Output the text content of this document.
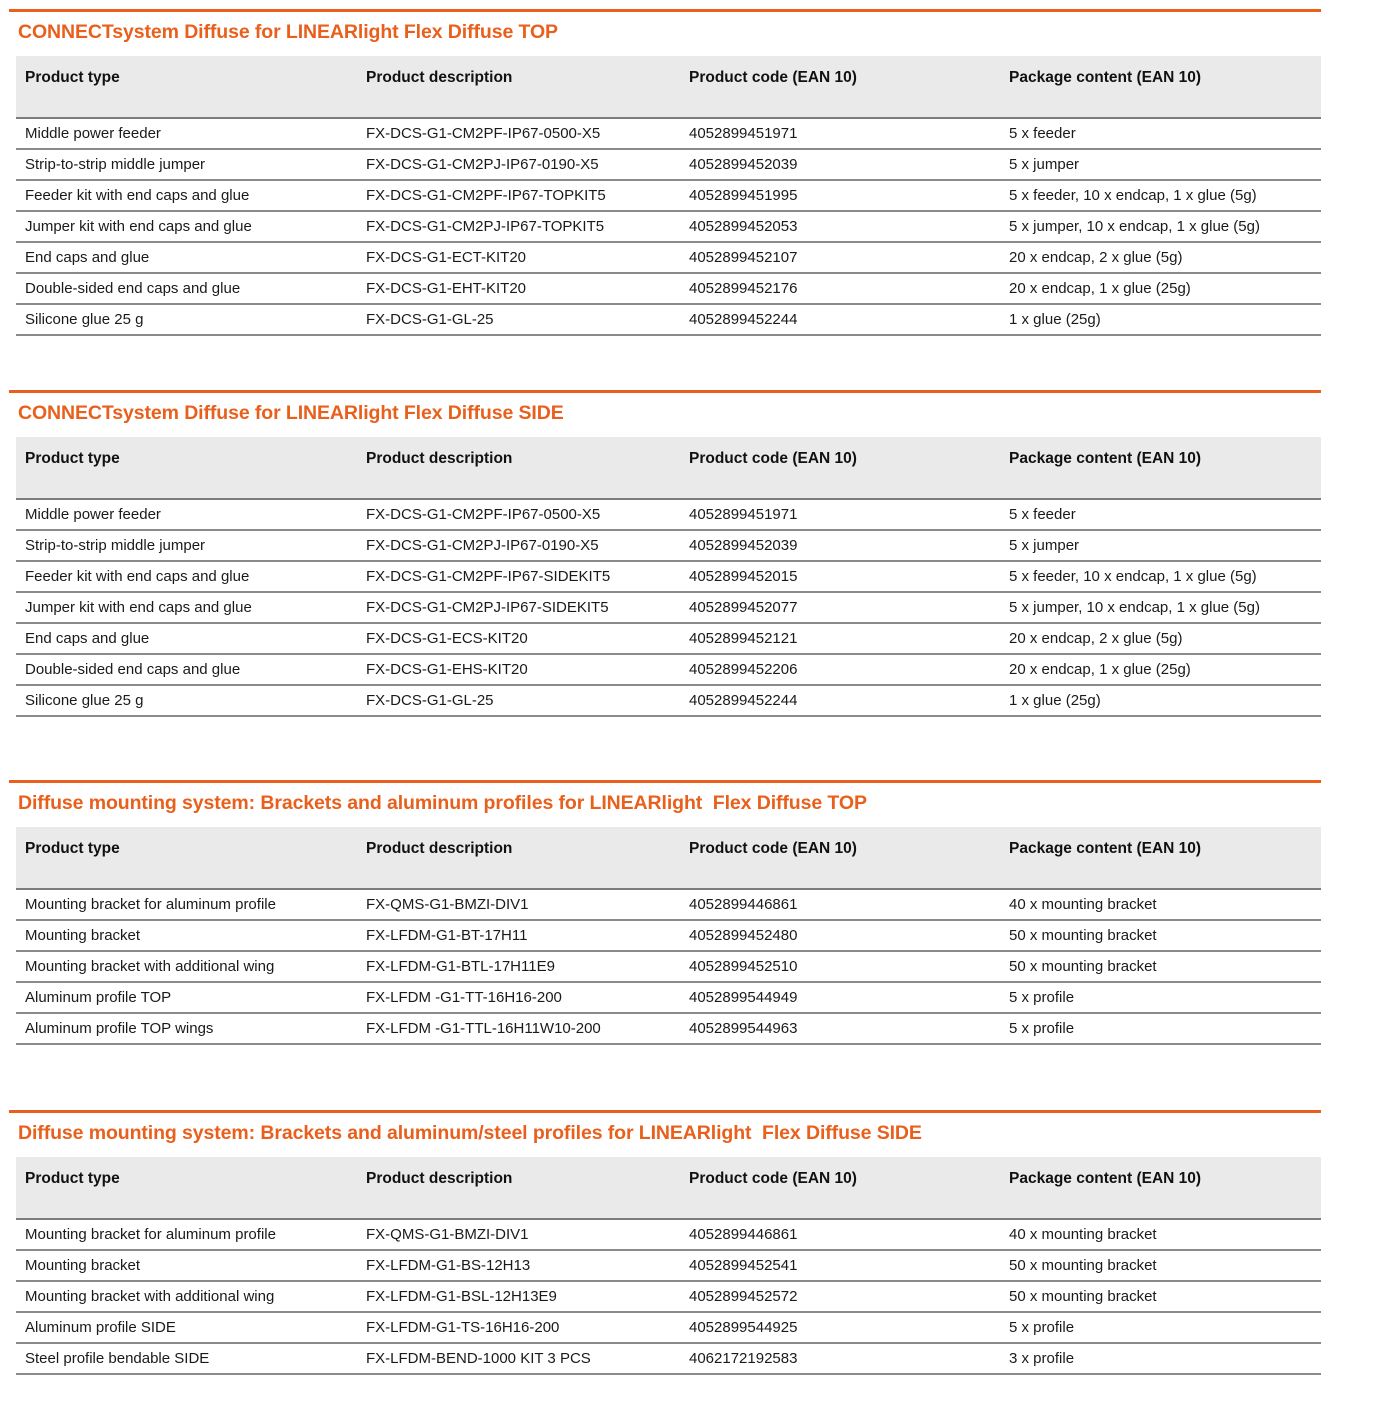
CONNECTsystem Diffuse for LINEARlight Flex Diffuse TOP
Product type	Product description	Product code (EAN 10)	Package content (EAN 10)
Middle power feeder	FX-DCS-G1-CM2PF-IP67-0500-X5	4052899451971	5 x feeder
Strip-to-strip middle jumper	FX-DCS-G1-CM2PJ-IP67-0190-X5	4052899452039	5 x jumper
Feeder kit with end caps and glue	FX-DCS-G1-CM2PF-IP67-TOPKIT5	4052899451995	5 x feeder, 10 x endcap, 1 x glue (5g)
Jumper kit with end caps and glue	FX-DCS-G1-CM2PJ-IP67-TOPKIT5	4052899452053	5 x jumper, 10 x endcap, 1 x glue (5g)
End caps and glue	FX-DCS-G1-ECT-KIT20	4052899452107	20 x endcap, 2 x glue (5g)
Double-sided end caps and glue	FX-DCS-G1-EHT-KIT20	4052899452176	20 x endcap, 1 x glue (25g)
Silicone glue 25 g	FX-DCS-G1-GL-25	4052899452244	1 x glue (25g)
CONNECTsystem Diffuse for LINEARlight Flex Diffuse SIDE
Product type	Product description	Product code (EAN 10)	Package content (EAN 10)
Middle power feeder	FX-DCS-G1-CM2PF-IP67-0500-X5	4052899451971	5 x feeder
Strip-to-strip middle jumper	FX-DCS-G1-CM2PJ-IP67-0190-X5	4052899452039	5 x jumper
Feeder kit with end caps and glue	FX-DCS-G1-CM2PF-IP67-SIDEKIT5	4052899452015	5 x feeder, 10 x endcap, 1 x glue (5g)
Jumper kit with end caps and glue	FX-DCS-G1-CM2PJ-IP67-SIDEKIT5	4052899452077	5 x jumper, 10 x endcap, 1 x glue (5g)
End caps and glue	FX-DCS-G1-ECS-KIT20	4052899452121	20 x endcap, 2 x glue (5g)
Double-sided end caps and glue	FX-DCS-G1-EHS-KIT20	4052899452206	20 x endcap, 1 x glue (25g)
Silicone glue 25 g	FX-DCS-G1-GL-25	4052899452244	1 x glue (25g)
Diffuse mounting system: Brackets and aluminum profiles for LINEARlight  Flex Diffuse TOP
Product type	Product description	Product code (EAN 10)	Package content (EAN 10)
Mounting bracket for aluminum profile	FX-QMS-G1-BMZI-DIV1	4052899446861	40 x mounting bracket
Mounting bracket	FX-LFDM-G1-BT-17H11	4052899452480	50 x mounting bracket
Mounting bracket with additional wing	FX-LFDM-G1-BTL-17H11E9	4052899452510	50 x mounting bracket
Aluminum profile TOP	FX-LFDM -G1-TT-16H16-200	4052899544949	5 x profile
Aluminum profile TOP wings	FX-LFDM -G1-TTL-16H11W10-200	4052899544963	5 x profile
Diffuse mounting system: Brackets and aluminum/steel profiles for LINEARlight  Flex Diffuse SIDE
Product type	Product description	Product code (EAN 10)	Package content (EAN 10)
Mounting bracket for aluminum profile	FX-QMS-G1-BMZI-DIV1	4052899446861	40 x mounting bracket
Mounting bracket	FX-LFDM-G1-BS-12H13	4052899452541	50 x mounting bracket
Mounting bracket with additional wing	FX-LFDM-G1-BSL-12H13E9	4052899452572	50 x mounting bracket
Aluminum profile SIDE	FX-LFDM-G1-TS-16H16-200	4052899544925	5 x profile
Steel profile bendable SIDE	FX-LFDM-BEND-1000 KIT 3 PCS	4062172192583	3 x profile
